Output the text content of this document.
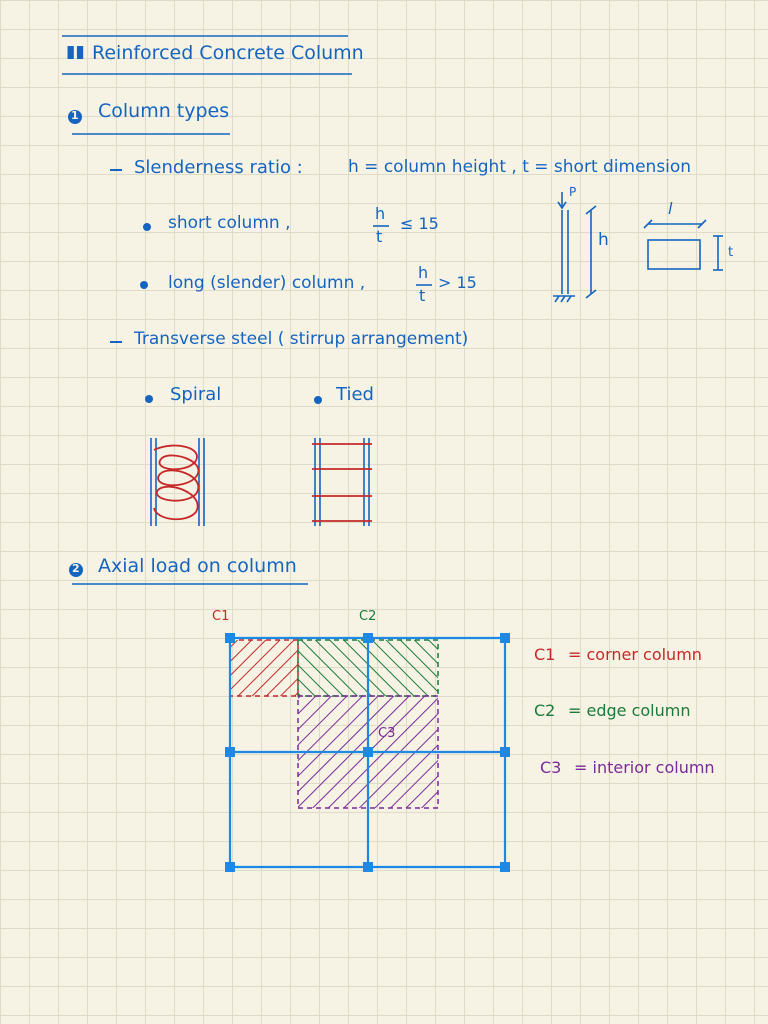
▮▮ Reinforced Concrete Column
1 Column types
Slenderness ratio :	h = column height , t = short dimension
short column ,	h
t
≤ 15
long (slender) column ,
h
t
> 15
P
h
l
t
Transverse steel ( stirrup arrangement)
Spiral	Tied
2 Axial load on column
C1	C2
C3
C1 = corner column
C2 = edge column
C3 = interior column
